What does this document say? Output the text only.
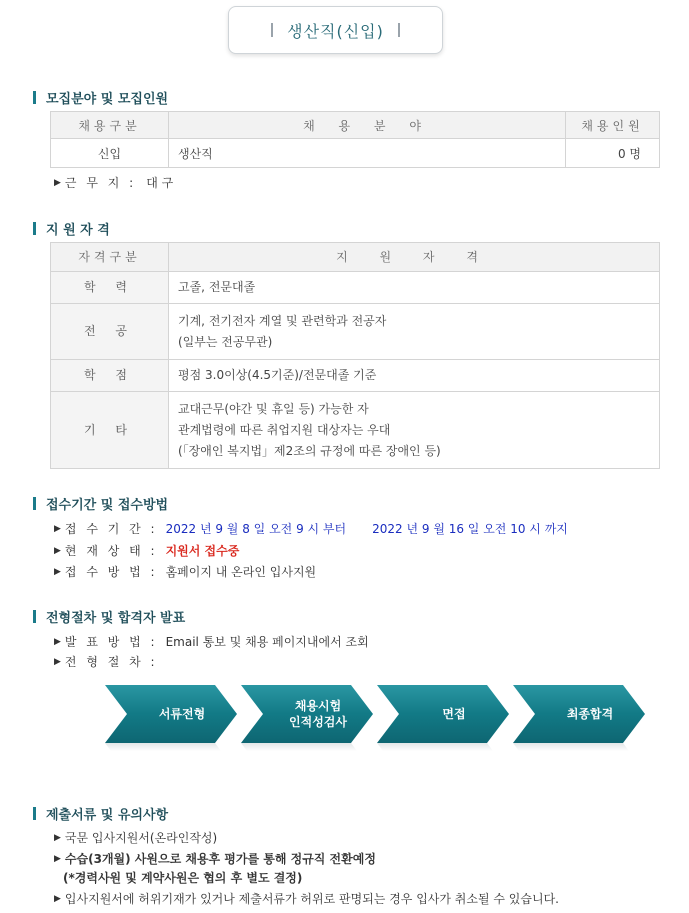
생산직(신입)
모집분야 및 모집인원
채용구분	채 용 분 야	채용인원
신입	생산직	0 명
▶ 근 무 지 : 대 구
지 원 자 격
자격구분	지 원 자 격
학 력	고졸, 전문대졸

전 공	기계, 전기전자 계열 및 관련학과 전공자
(일부는 전공무관)

학 점	평점 3.0이상(4.5기준)/전문대졸 기준

기 타	교대근무(야간 및 휴일 등) 가능한 자
관계법령에 따른 취업지원 대상자는 우대
(「장애인 복지법」제2조의 규정에 따른 장애인 등)
접수기간 및 접수방법
▶ 접 수 기 간 : 2022 년 9 월 8 일 오전 9 시 부터 2022 년 9 월 16 일 오전 10 시 까지
▶ 현 재 상 태 : 지원서 접수중
▶ 접 수 방 법 : 홈페이지 내 온라인 입사지원
전형절차 및 합격자 발표
▶ 발 표 방 법 : Email 통보 및 채용 페이지내에서 조회
▶ 전 형 절 차 :
서류전형
채용시험
인적성검사
면접	최종합격
제출서류 및 유의사항
▶ 국문 입사지원서(온라인작성)
▶ 수습(3개월) 사원으로 채용후 평가를 통해 정규직 전환예정
(*경력사원 및 계약사원은 협의 후 별도 결정)
▶ 입사지원서에 허위기재가 있거나 제출서류가 허위로 판명되는 경우 입사가 취소될 수 있습니다.
